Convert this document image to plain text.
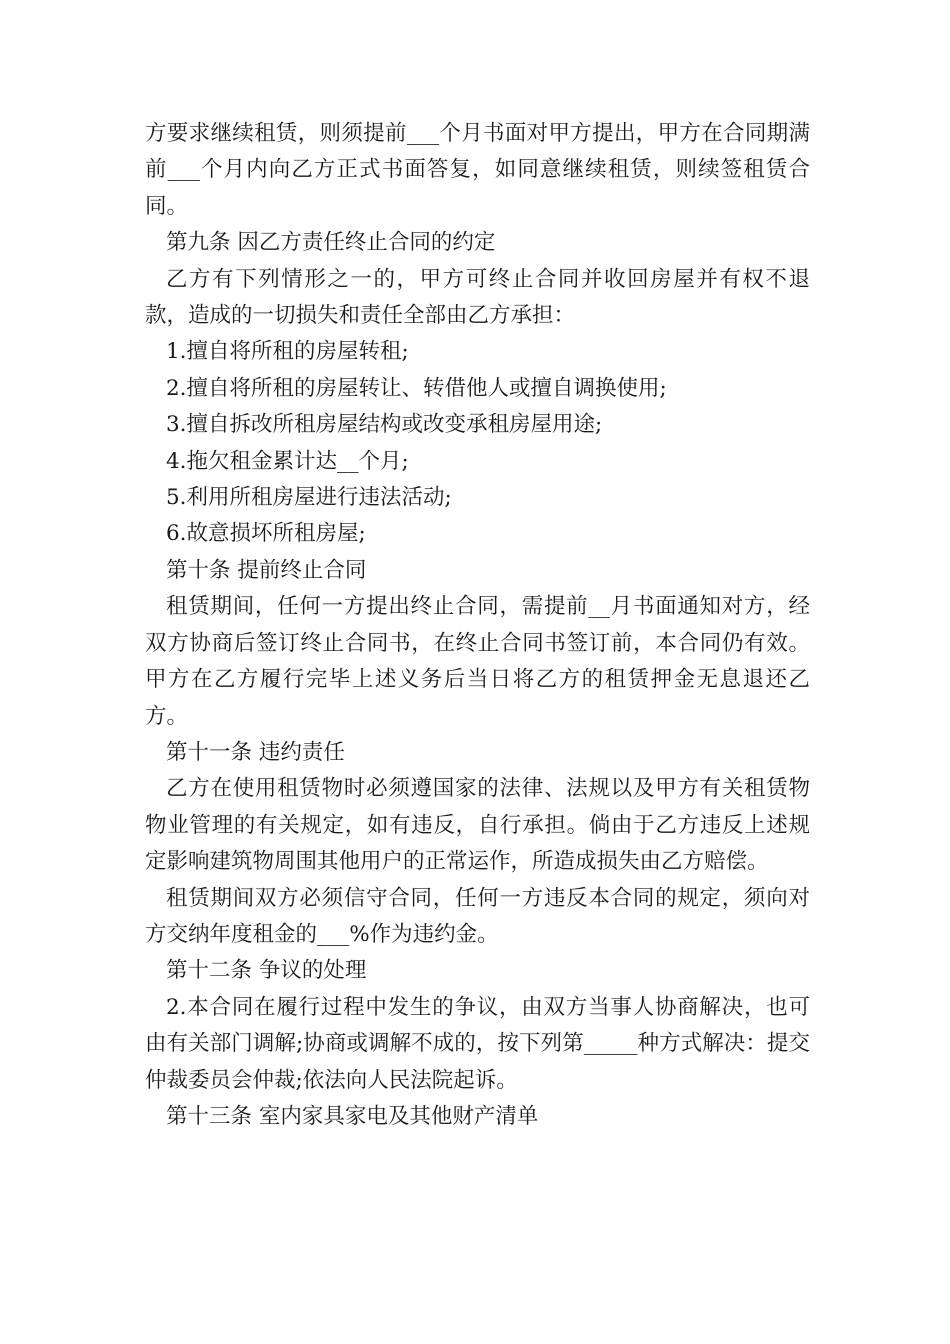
方要求继续租赁，则须提前___个月书面对甲方提出，甲方在合同期满前___个月内向乙方正式书面答复，如同意继续租赁，则续签租赁合同。

第九条 因乙方责任终止合同的约定

乙方有下列情形之一的，甲方可终止合同并收回房屋并有权不退款，造成的一切损失和责任全部由乙方承担：

1.擅自将所租的房屋转租;

2.擅自将所租的房屋转让、转借他人或擅自调换使用;

3.擅自拆改所租房屋结构或改变承租房屋用途;

4.拖欠租金累计达__个月;

5.利用所租房屋进行违法活动;

6.故意损坏所租房屋;

第十条 提前终止合同

租赁期间，任何一方提出终止合同，需提前__月书面通知对方，经双方协商后签订终止合同书，在终止合同书签订前，本合同仍有效。甲方在乙方履行完毕上述义务后当日将乙方的租赁押金无息退还乙方。

第十一条 违约责任

乙方在使用租赁物时必须遵国家的法律、法规以及甲方有关租赁物物业管理的有关规定，如有违反，自行承担。倘由于乙方违反上述规定影响建筑物周围其他用户的正常运作，所造成损失由乙方赔偿。

租赁期间双方必须信守合同，任何一方违反本合同的规定，须向对方交纳年度租金的___%作为违约金。

第十二条 争议的处理

2.本合同在履行过程中发生的争议，由双方当事人协商解决，也可由有关部门调解;协商或调解不成的，按下列第_____种方式解决：提交仲裁委员会仲裁;依法向人民法院起诉。

第十三条 室内家具家电及其他财产清单
